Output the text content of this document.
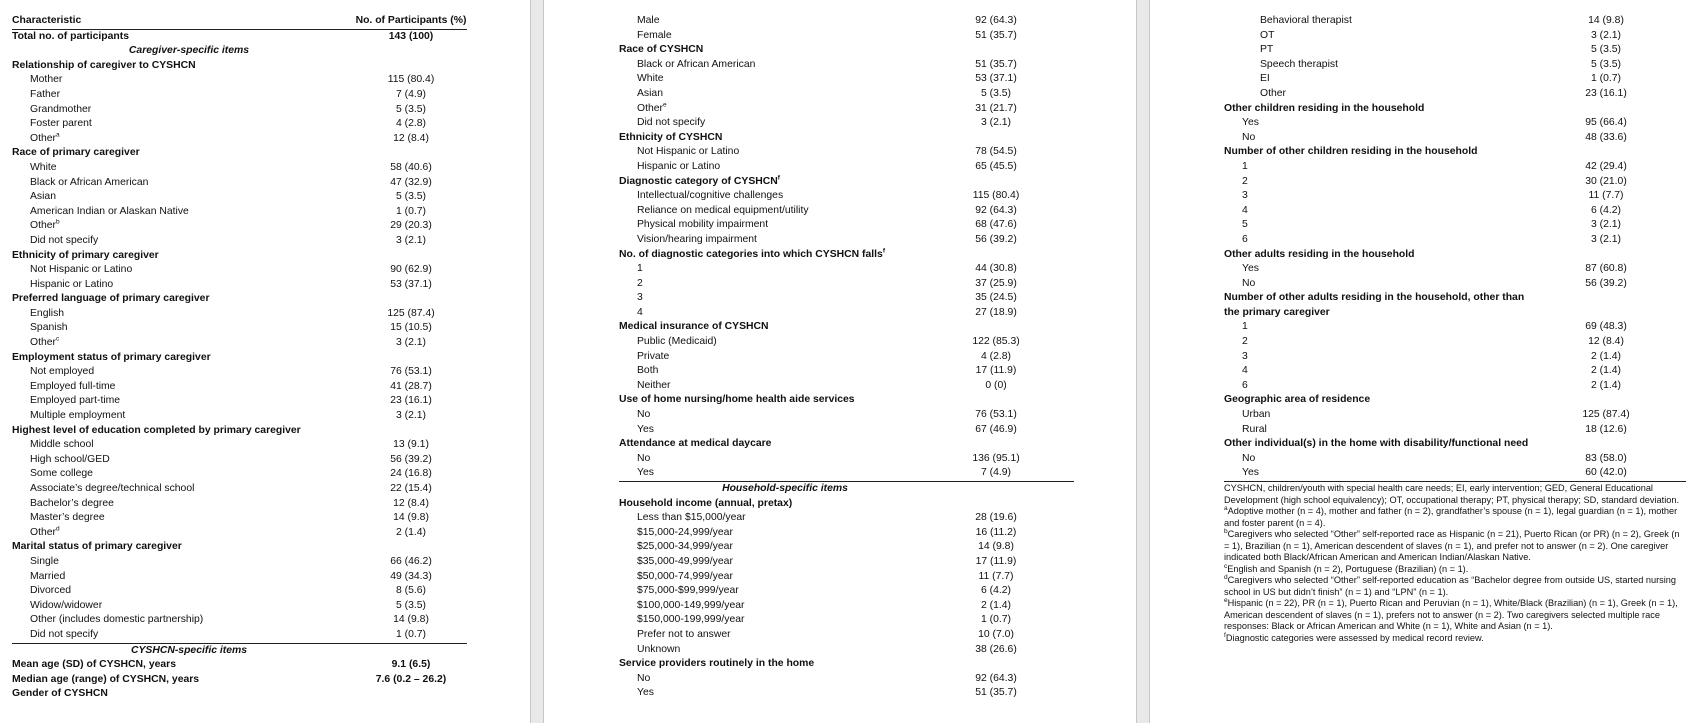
Characteristic	No. of Participants (%)
Total no. of participants	143 (100)
Caregiver-specific items
Relationship of caregiver to CYSHCN
Mother	115 (80.4)
Father	7 (4.9)
Grandmother	5 (3.5)
Foster parent	4 (2.8)
Other$^a$	12 (8.4)
Race of primary caregiver
White	58 (40.6)
Black or African American	47 (32.9)
Asian	5 (3.5)
American Indian or Alaskan Native	1 (0.7)
Other$^b$	29 (20.3)
Did not specify	3 (2.1)
Ethnicity of primary caregiver
Not Hispanic or Latino	90 (62.9)
Hispanic or Latino	53 (37.1)
Preferred language of primary caregiver
English	125 (87.4)
Spanish	15 (10.5)
Other$^c$	3 (2.1)
Employment status of primary caregiver
Not employed	76 (53.1)
Employed full-time	41 (28.7)
Employed part-time	23 (16.1)
Multiple employment	3 (2.1)
Highest level of education completed by primary caregiver
Middle school	13 (9.1)
High school/GED	56 (39.2)
Some college	24 (16.8)
Associate’s degree/technical school	22 (15.4)
Bachelor’s degree	12 (8.4)
Master’s degree	14 (9.8)
Other$^d$	2 (1.4)
Marital status of primary caregiver
Single	66 (46.2)
Married	49 (34.3)
Divorced	8 (5.6)
Widow/widower	5 (3.5)
Other (includes domestic partnership)	14 (9.8)
Did not specify	1 (0.7)
CYSHCN-specific items
Mean age (SD) of CYSHCN, years	9.1 (6.5)
Median age (range) of CYSHCN, years	7.6 (0.2 – 26.2)
Gender of CYSHCN
Male	92 (64.3)
Female	51 (35.7)
Race of CYSHCN
Black or African American	51 (35.7)
White	53 (37.1)
Asian	5 (3.5)
Other$^e$	31 (21.7)
Did not specify	3 (2.1)
Ethnicity of CYSHCN
Not Hispanic or Latino	78 (54.5)
Hispanic or Latino	65 (45.5)
Diagnostic category of CYSHCN$^f$
Intellectual/cognitive challenges	115 (80.4)
Reliance on medical equipment/utility	92 (64.3)
Physical mobility impairment	68 (47.6)
Vision/hearing impairment	56 (39.2)
No. of diagnostic categories into which CYSHCN falls$^f$
1	44 (30.8)
2	37 (25.9)
3	35 (24.5)
4	27 (18.9)
Medical insurance of CYSHCN
Public (Medicaid)	122 (85.3)
Private	4 (2.8)
Both	17 (11.9)
Neither	0 (0)
Use of home nursing/home health aide services
No	76 (53.1)
Yes	67 (46.9)
Attendance at medical daycare
No	136 (95.1)
Yes	7 (4.9)
Household-specific items
Household income (annual, pretax)
Less than $15,000/year	28 (19.6)
$15,000-24,999/year	16 (11.2)
$25,000-34,999/year	14 (9.8)
$35,000-49,999/year	17 (11.9)
$50,000-74,999/year	11 (7.7)
$75,000-$99,999/year	6 (4.2)
$100,000-149,999/year	2 (1.4)
$150,000-199,999/year	1 (0.7)
Prefer not to answer	10 (7.0)
Unknown	38 (26.6)
Service providers routinely in the home
No	92 (64.3)
Yes	51 (35.7)
Behavioral therapist	14 (9.8)
OT	3 (2.1)
PT	5 (3.5)
Speech therapist	5 (3.5)
EI	1 (0.7)
Other	23 (16.1)
Other children residing in the household
Yes	95 (66.4)
No	48 (33.6)
Number of other children residing in the household
1	42 (29.4)
2	30 (21.0)
3	11 (7.7)
4	6 (4.2)
5	3 (2.1)
6	3 (2.1)
Other adults residing in the household
Yes	87 (60.8)
No	56 (39.2)
Number of other adults residing in the household, other than
the primary caregiver
1	69 (48.3)
2	12 (8.4)
3	2 (1.4)
4	2 (1.4)
6	2 (1.4)
Geographic area of residence
Urban	125 (87.4)
Rural	18 (12.6)
Other individual(s) in the home with disability/functional need
No	83 (58.0)
Yes	60 (42.0)

CYSHCN, children/youth with special health care needs; EI, early intervention; GED, General Educational Development (high school equivalency); OT, occupational therapy; PT, physical therapy; SD, standard deviation.

$^a$Adoptive mother (n = 4), mother and father (n = 2), grandfather’s spouse (n = 1), legal guardian (n = 1), mother and foster parent (n = 4).

$^b$Caregivers who selected “Other” self-reported race as Hispanic (n = 21), Puerto Rican (or PR) (n = 2), Greek (n = 1), Brazilian (n = 1), American descendent of slaves (n = 1), and prefer not to answer (n = 2). One caregiver indicated both Black/African American and American Indian/Alaskan Native.

$^c$English and Spanish (n = 2), Portuguese (Brazilian) (n = 1).

$^d$Caregivers who selected “Other” self-reported education as “Bachelor degree from outside US, started nursing school in US but didn’t finish” (n = 1) and “LPN” (n = 1).

$^e$Hispanic (n = 22), PR (n = 1), Puerto Rican and Peruvian (n = 1), White/Black (Brazilian) (n = 1), Greek (n = 1), American descendent of slaves (n = 1), prefers not to answer (n = 2). Two caregivers selected multiple race responses: Black or African American and White (n = 1), White and Asian (n = 1).

$^f$Diagnostic categories were assessed by medical record review.
